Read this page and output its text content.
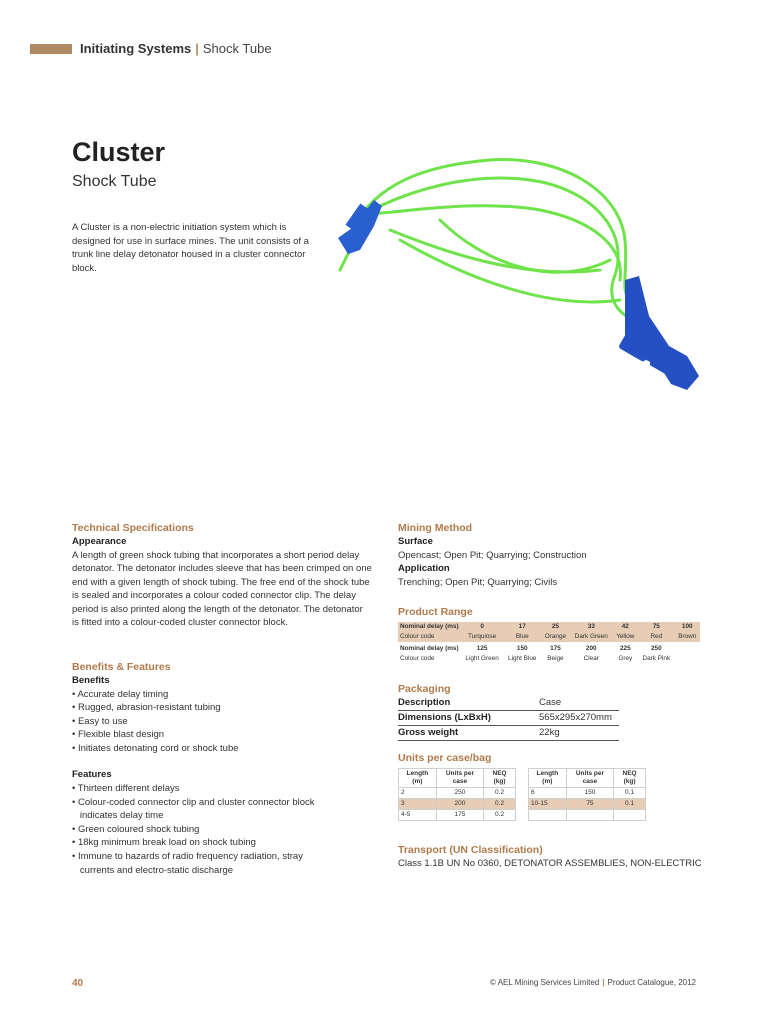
Initiating Systems | Shock Tube
Cluster
Shock Tube
A Cluster is a non-electric initiation system which is designed for use in surface mines. The unit consists of a trunk line delay detonator housed in a cluster connector block.
Technical Specifications
Appearance
A length of green shock tubing that incorporates a short period delay detonator. The detonator includes sleeve that has been crimped on one end with a given length of shock tubing. The free end of the shock tube is sealed and incorporates a colour coded connector clip. The delay period is also printed along the length of the detonator. The detonator is fitted into a colour-coded cluster connector block.
Benefits & Features
Benefits
• Accurate delay timing
• Rugged, abrasion-resistant tubing
• Easy to use
• Flexible blast design
• Initiates detonating cord or shock tube
Features
• Thirteen different delays
• Colour-coded connector clip and cluster connector block
indicates delay time
• Green coloured shock tubing
• 18kg minimum break load on shock tubing
• Immune to hazards of radio frequency radiation, stray
currents and electro-static discharge
Mining Method
Surface
Opencast; Open Pit; Quarrying; Construction
Application
Trenching; Open Pit; Quarrying; Civils
Product Range
Nominal delay (ms)	0	17	25	33	42	75	100
Colour code	Turquiose	Blue	Orange	Dark Green	Yellow	Red	Brown

Nominal delay (ms)	125	150	175	200	225	250	
Colour code	Light Green	Light Blue	Beige	Clear	Grey	Dark Pink	
Packaging
Description	Case
Dimensions (LxBxH)	565x295x270mm
Gross weight	22kg
Units per case/bag
Length (m)	Units per case	NEQ (kg)
2	250	0.2
3	200	0.2
4-5	175	0.2
Length (m)	Units per case	NEQ (kg)
6	150	0.1
10-15	75	0.1

Transport (UN Classification)
Class 1.1B UN No 0360, DETONATOR ASSEMBLIES, NON-ELECTRIC
40	© AEL Mining Services Limited | Product Catalogue, 2012
